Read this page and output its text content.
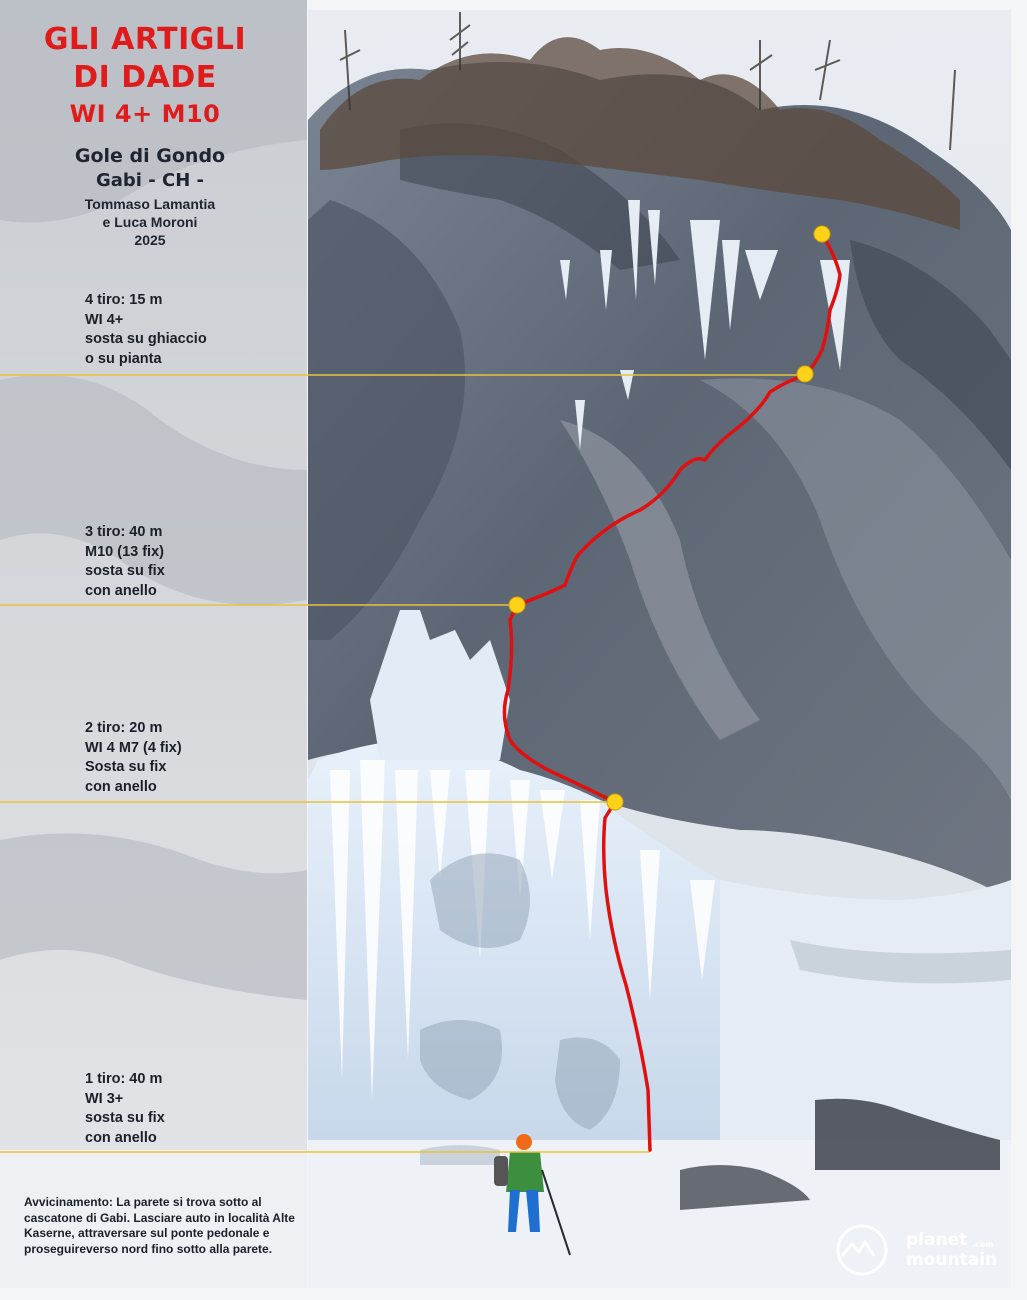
GLI ARTIGLI
DI DADE
WI 4+ M10
Gole di Gondo
Gabi - CH -
Tommaso Lamantia
e Luca Moroni
2025
4 tiro: 15 m
WI 4+
sosta su ghiaccio
o su pianta
3 tiro: 40 m
M10 (13 fix)
sosta su fix
con anello
2 tiro: 20 m
WI 4 M7 (4 fix)
Sosta su fix
con anello
1 tiro: 40 m
WI 3+
sosta su fix
con anello
Avvicinamento: La parete si trova sotto al cascatone di Gabi. Lasciare auto in località Alte Kaserne, attraversare sul ponte pedonale e proseguireverso nord fino sotto alla parete.	planet
mountain
.com
